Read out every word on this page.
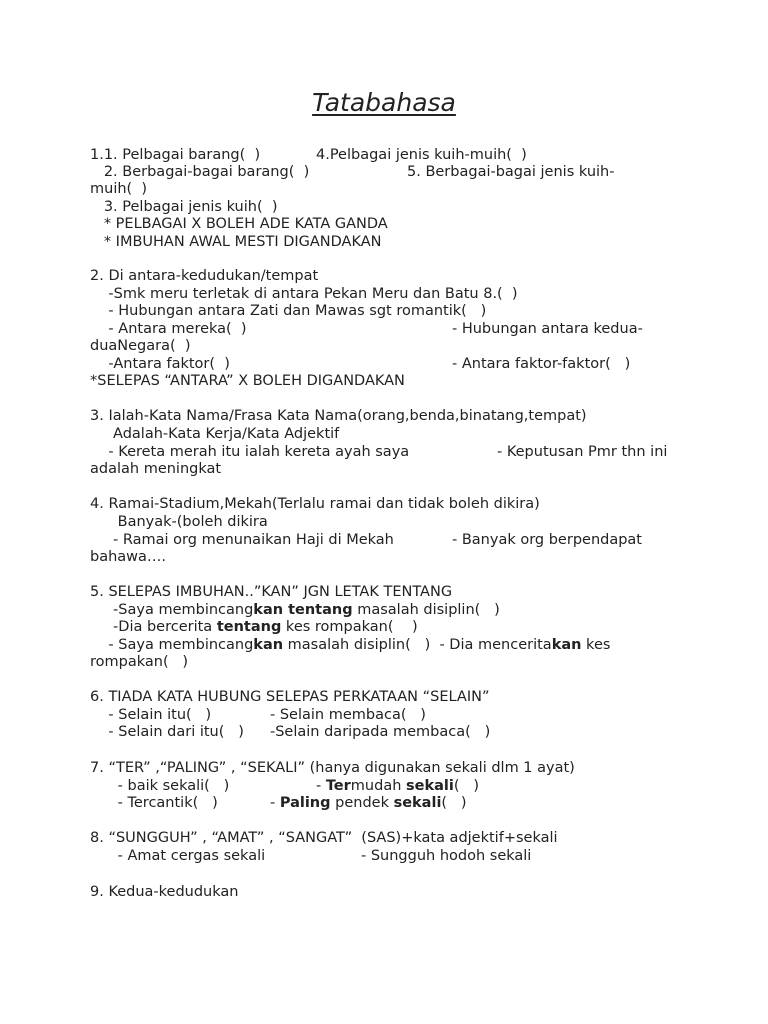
Tatabahasa
1.1. Pelbagai barang(  )	4.Pelbagai jenis kuih-muih(  )
2. Berbagai-bagai barang(  )	5. Berbagai-bagai jenis kuih-
muih(  )
3. Pelbagai jenis kuih(  )
* PELBAGAI X BOLEH ADE KATA GANDA
* IMBUHAN AWAL MESTI DIGANDAKAN
2. Di antara-kedudukan/tempat
-Smk meru terletak di antara Pekan Meru dan Batu 8.(  )
- Hubungan antara Zati dan Mawas sgt romantik(   )
- Antara mereka(  )	- Hubungan antara kedua-
duaNegara(  )
-Antara faktor(  )	- Antara faktor-faktor(   )
*SELEPAS “ANTARA” X BOLEH DIGANDAKAN
3. Ialah-Kata Nama/Frasa Kata Nama(orang,benda,binatang,tempat)
Adalah-Kata Kerja/Kata Adjektif
- Kereta merah itu ialah kereta ayah saya	- Keputusan Pmr thn ini
adalah meningkat
4. Ramai-Stadium,Mekah(Terlalu ramai dan tidak boleh dikira)
Banyak-(boleh dikira
- Ramai org menunaikan Haji di Mekah	- Banyak org berpendapat
bahawa….
5. SELEPAS IMBUHAN..”KAN” JGN LETAK TENTANG
-Saya membincangkan tentang masalah disiplin(   )
-Dia bercerita tentang kes rompakan(    )
- Saya membincangkan masalah disiplin(   )  - Dia menceritakan kes
rompakan(   )
6. TIADA KATA HUBUNG SELEPAS PERKATAAN “SELAIN”
- Selain itu(   )	- Selain membaca(   )
- Selain dari itu(   ) -Selain daripada membaca(   )
7. “TER” ,“PALING” , “SEKALI” (hanya digunakan sekali dlm 1 ayat)
- baik sekali(   )	- Termudah sekali(   )
- Tercantik(   )	- Paling pendek sekali(   )
8. “SUNGGUH” , “AMAT” , “SANGAT”  (SAS)+kata adjektif+sekali
- Amat cergas sekali	- Sungguh hodoh sekali
9. Kedua-kedudukan
